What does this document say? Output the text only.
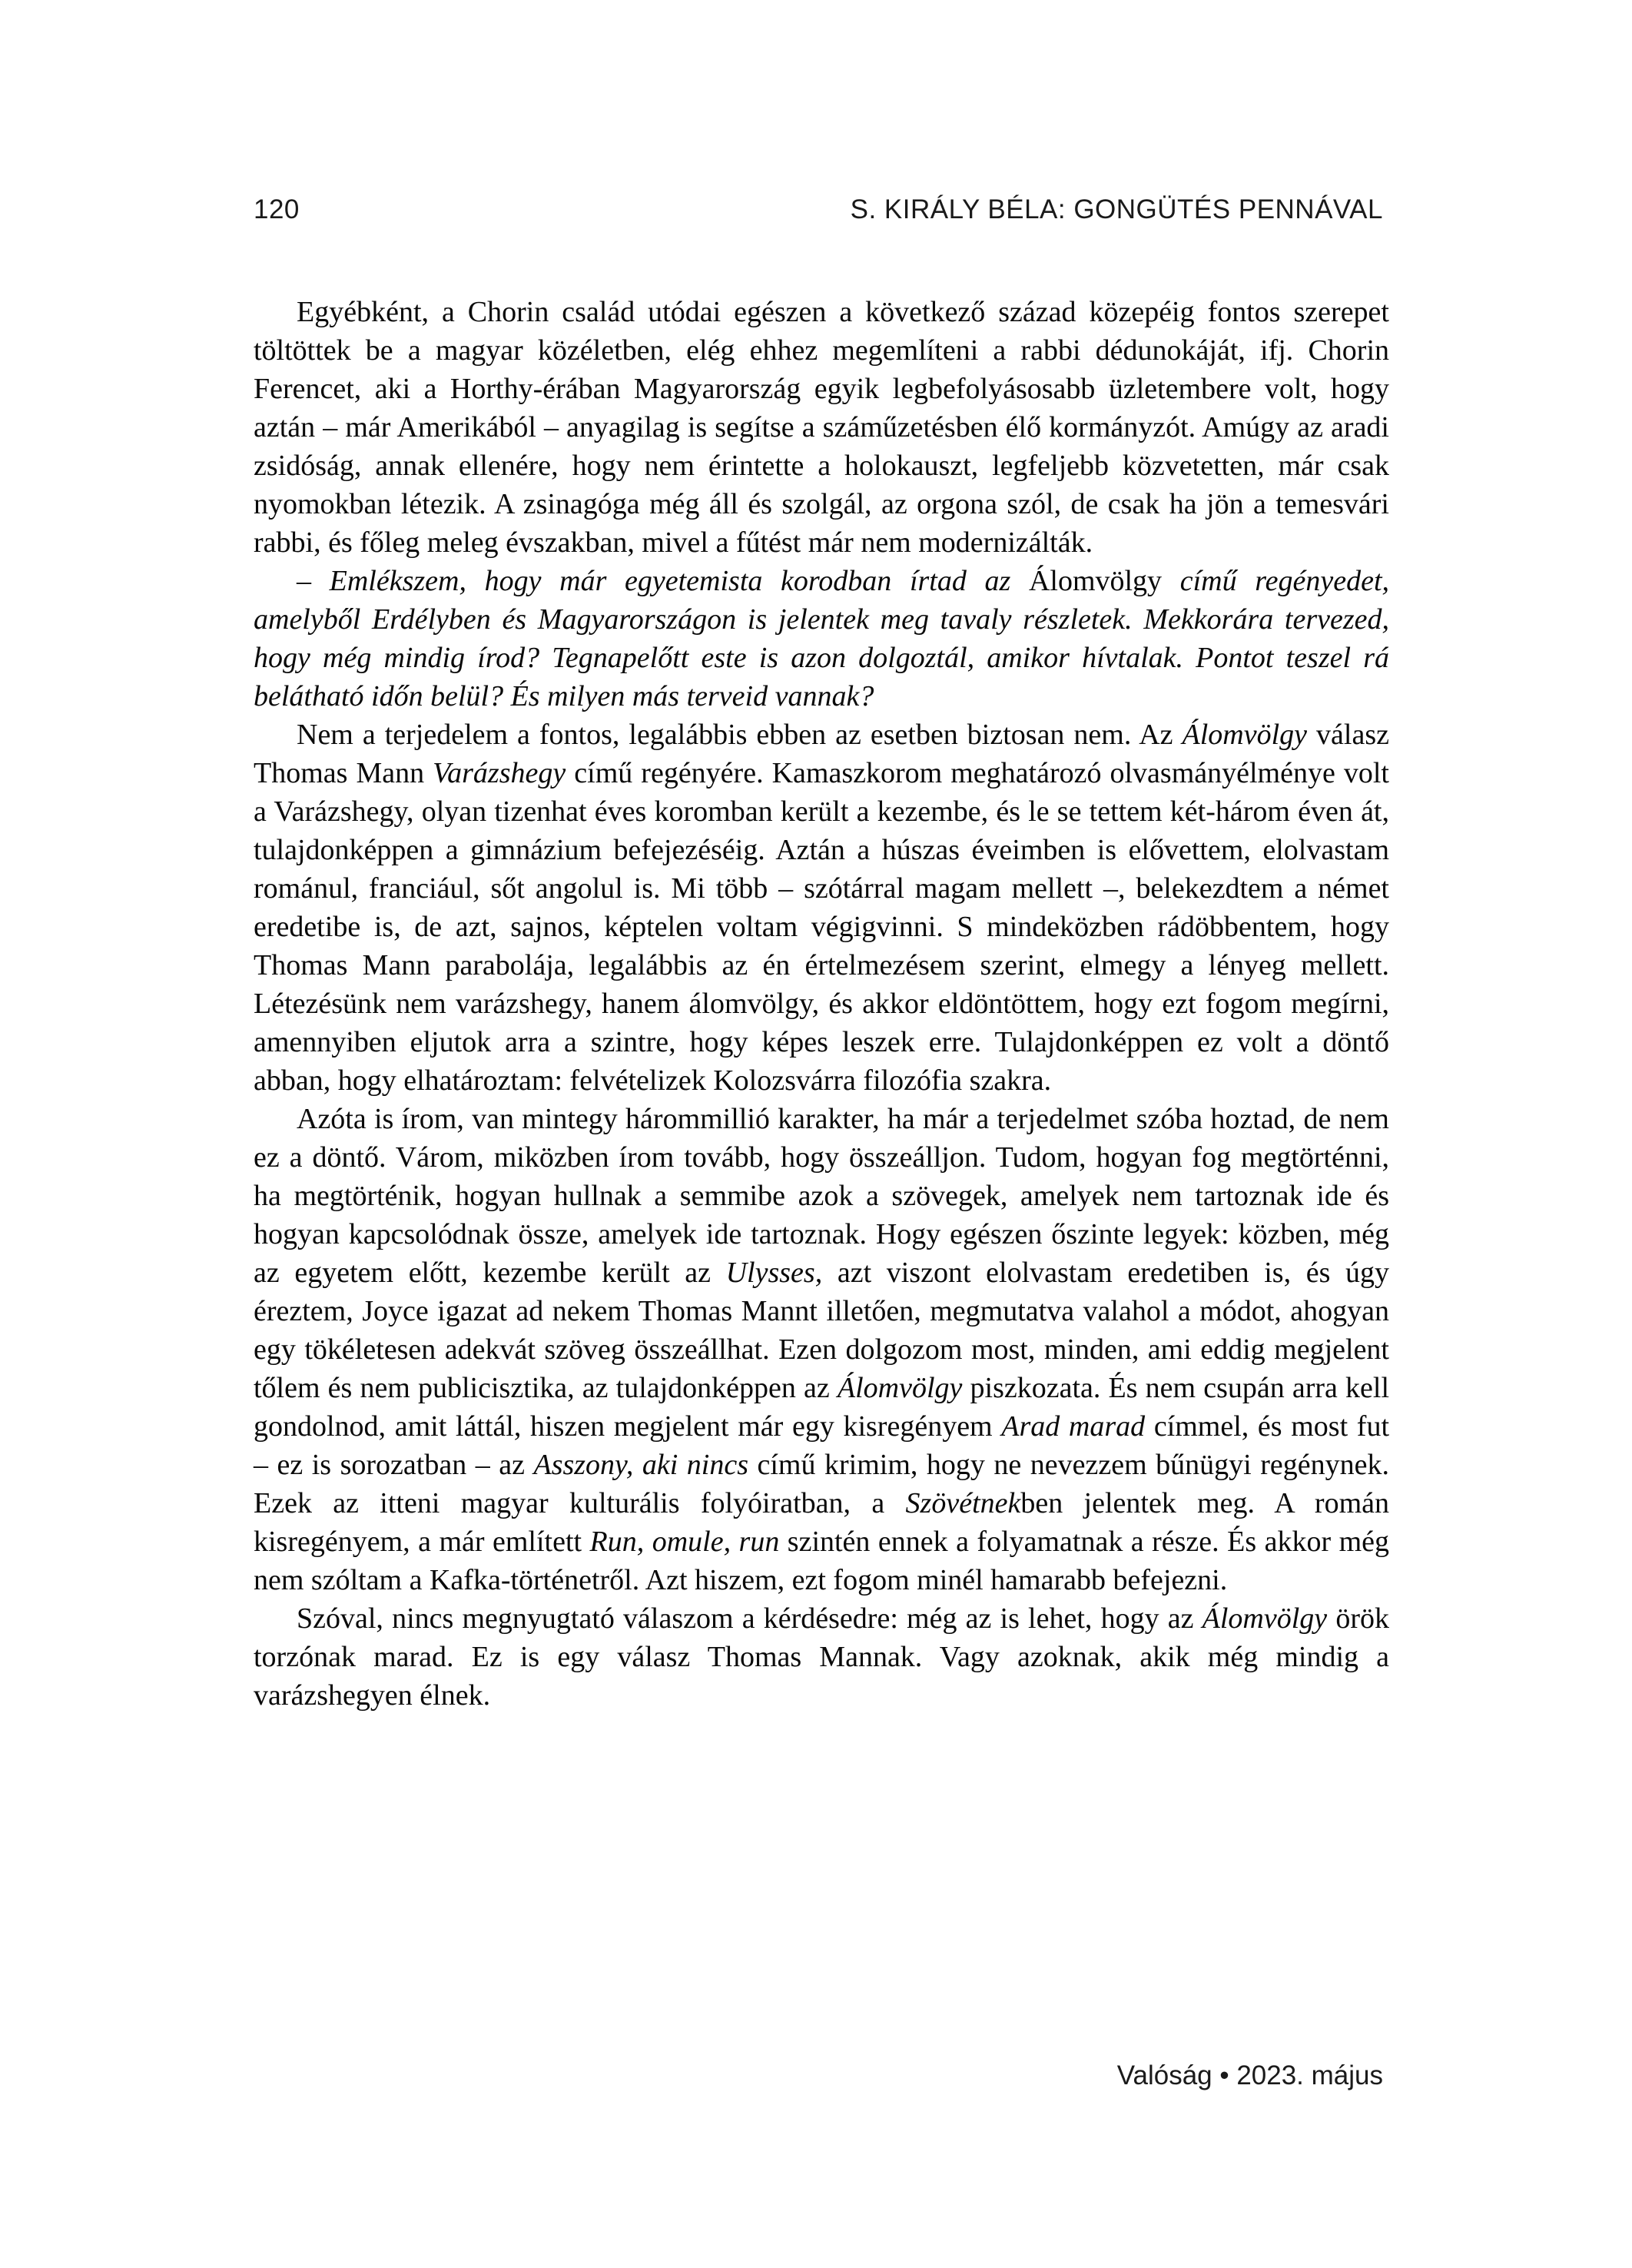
120	S. KIRÁLY BÉLA: GONGÜTÉS PENNÁVAL

Egyébként, a Chorin család utódai egészen a következő század közepéig fontos szerepet töltöttek be a magyar közéletben, elég ehhez megemlíteni a rabbi dédunokáját, ifj. Chorin Ferencet, aki a Horthy-érában Magyarország egyik legbefolyásosabb üzletembere volt, hogy aztán – már Amerikából – anyagilag is segítse a száműzetésben élő kormányzót. Amúgy az aradi zsidóság, annak ellenére, hogy nem érintette a holokauszt, legfeljebb közvetetten, már csak nyomokban létezik. A zsinagóga még áll és szolgál, az orgona szól, de csak ha jön a temesvári rabbi, és főleg meleg évszakban, mivel a fűtést már nem modernizálták.

– Emlékszem, hogy már egyetemista korodban írtad az Álomvölgy című regényedet, amelyből Erdélyben és Magyarországon is jelentek meg tavaly részletek. Mekkorára tervezed, hogy még mindig írod? Tegnapelőtt este is azon dolgoztál, amikor hívtalak. Pontot teszel rá belátható időn belül? És milyen más terveid vannak?

Nem a terjedelem a fontos, legalábbis ebben az esetben biztosan nem. Az Álomvölgy válasz Thomas Mann Varázshegy című regényére. Kamaszkorom meghatározó olvasmányélménye volt a Varázshegy, olyan tizenhat éves koromban került a kezembe, és le se tettem két-három éven át, tulajdonképpen a gimnázium befejezéséig. Aztán a húszas éveimben is elővettem, elolvastam románul, franciául, sőt angolul is. Mi több – szótárral magam mellett –, belekezdtem a német eredetibe is, de azt, sajnos, képtelen voltam végigvinni. S mindeközben rádöbbentem, hogy Thomas Mann parabolája, legalábbis az én értelmezésem szerint, elmegy a lényeg mellett. Létezésünk nem varázshegy, hanem álomvölgy, és akkor eldöntöttem, hogy ezt fogom megírni, amennyiben eljutok arra a szintre, hogy képes leszek erre. Tulajdonképpen ez volt a döntő abban, hogy elhatároztam: felvételizek Kolozsvárra filozófia szakra.

Azóta is írom, van mintegy hárommillió karakter, ha már a terjedelmet szóba hoztad, de nem ez a döntő. Várom, miközben írom tovább, hogy összeálljon. Tudom, hogyan fog megtörténni, ha megtörténik, hogyan hullnak a semmibe azok a szövegek, amelyek nem tartoznak ide és hogyan kapcsolódnak össze, amelyek ide tartoznak. Hogy egészen őszinte legyek: közben, még az egyetem előtt, kezembe került az Ulysses, azt viszont elolvastam eredetiben is, és úgy éreztem, Joyce igazat ad nekem Thomas Mannt illetően, megmutatva valahol a módot, ahogyan egy tökéletesen adekvát szöveg összeállhat. Ezen dolgozom most, minden, ami eddig megjelent tőlem és nem publicisztika, az tulajdonképpen az Álomvölgy piszkozata. És nem csupán arra kell gondolnod, amit láttál, hiszen megjelent már egy kisregényem Arad marad címmel, és most fut – ez is sorozatban – az Asszony, aki nincs című krimim, hogy ne nevezzem bűnügyi regénynek. Ezek az itteni magyar kulturális folyóiratban, a Szövétnekben jelentek meg. A román kisregényem, a már említett Run, omule, run szintén ennek a folyamatnak a része. És akkor még nem szóltam a Kafka-történetről. Azt hiszem, ezt fogom minél hamarabb befejezni.

Szóval, nincs megnyugtató válaszom a kérdésedre: még az is lehet, hogy az Álomvölgy örök torzónak marad. Ez is egy válasz Thomas Mannak. Vagy azoknak, akik még mindig a varázshegyen élnek.

Valóság • 2023. május
